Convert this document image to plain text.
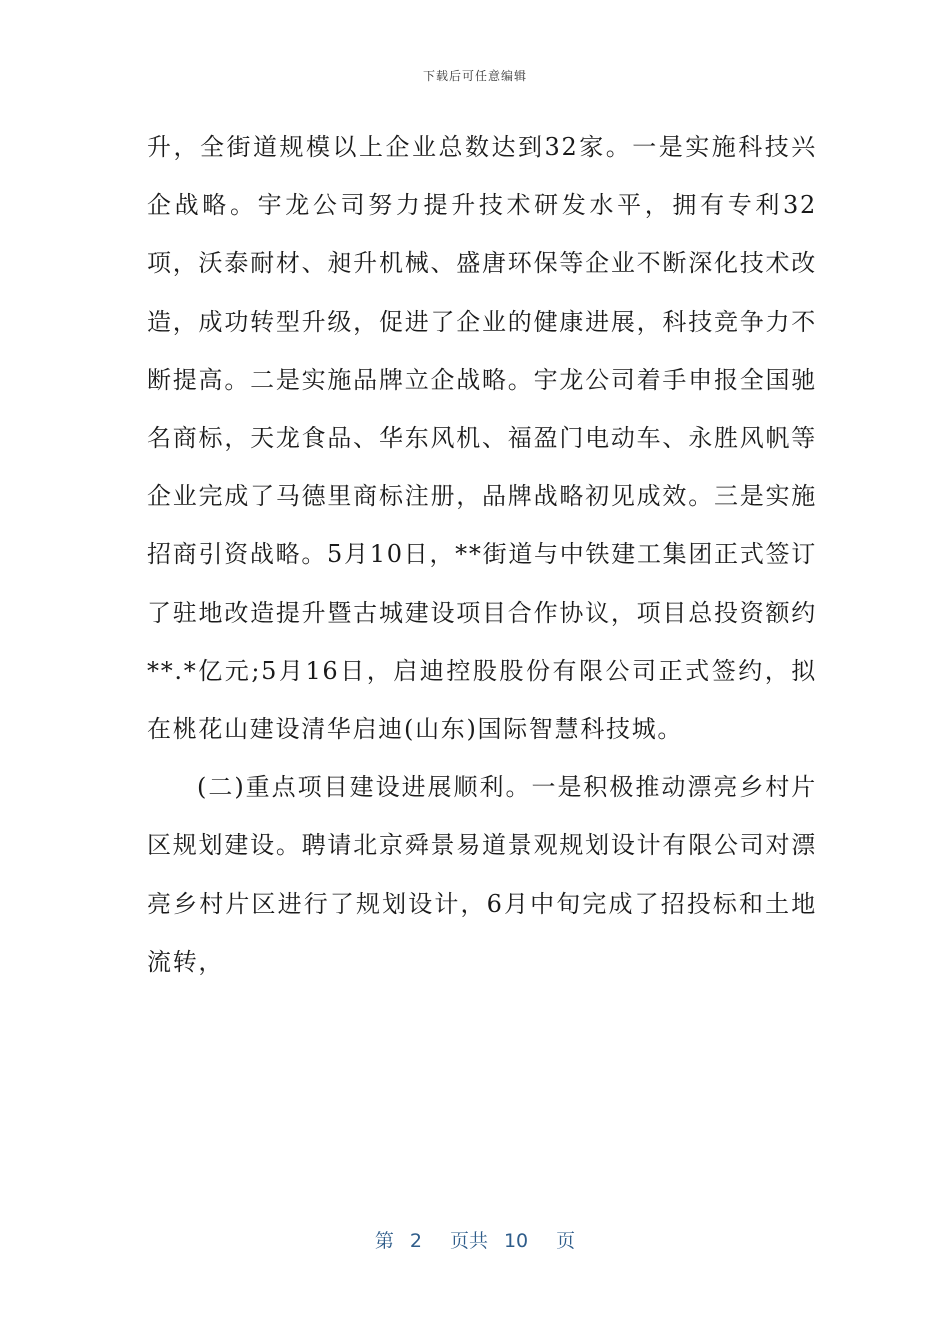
下载后可任意编辑

升，全街道规模以上企业总数达到32家。一是实施科技兴企战略。宇龙公司努力提升技术研发水平，拥有专利32项，沃泰耐材、昶升机械、盛唐环保等企业不断深化技术改造，成功转型升级，促进了企业的健康进展，科技竞争力不断提高。二是实施品牌立企战略。宇龙公司着手申报全国驰名商标，天龙食品、华东风机、福盈门电动车、永胜风帆等企业完成了马德里商标注册，品牌战略初见成效。三是实施招商引资战略。5月10日，**街道与中铁建工集团正式签订了驻地改造提升暨古城建设项目合作协议，项目总投资额约**.*亿元;5月16日，启迪控股股份有限公司正式签约，拟在桃花山建设清华启迪(山东)国际智慧科技城。

(二)重点项目建设进展顺利。一是积极推动漂亮乡村片区规划建设。聘请北京舜景易道景观规划设计有限公司对漂亮乡村片区进行了规划设计，6月中旬完成了招投标和土地流转，

第 2 页共 10 页
